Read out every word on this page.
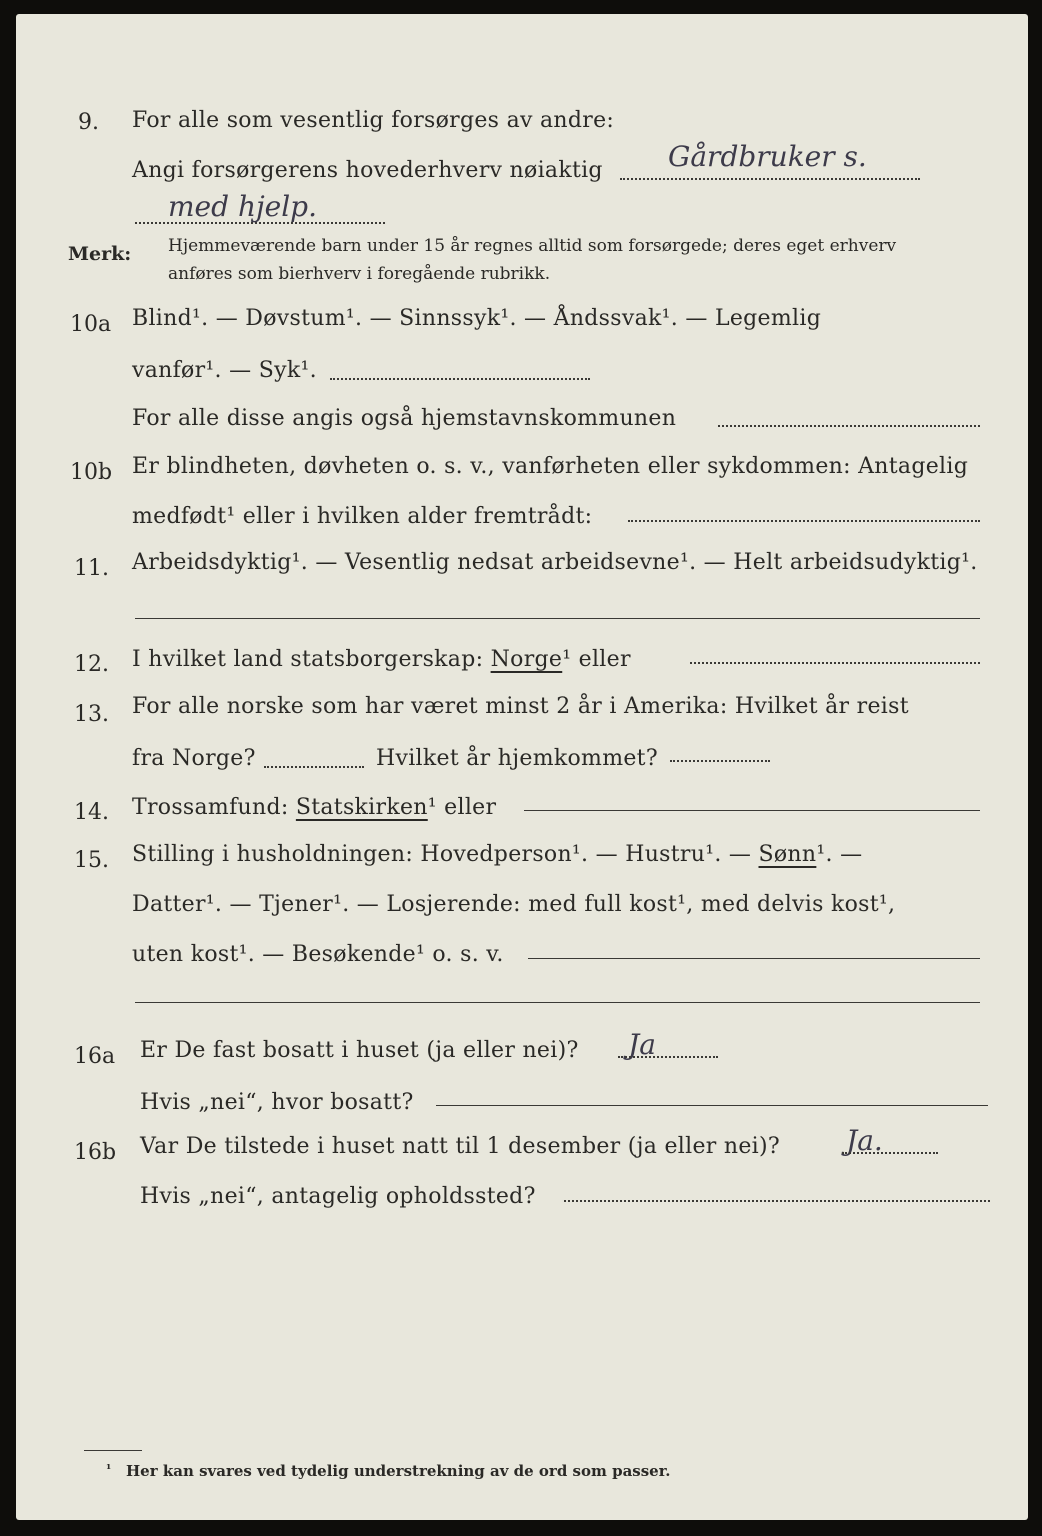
9. For alle som vesentlig forsørges av andre:
Angi forsørgerens hovederhverv nøiaktig Gårdbruker s.
med hjelp.
Merk: Hjemmeværende barn under 15 år regnes alltid som forsørgede; deres eget erhverv
anføres som bierhverv i foregående rubrikk.
10a Blind¹. — Døvstum¹. — Sinnssyk¹. — Åndssvak¹. — Legemlig
vanfør¹. — Syk¹.
For alle disse angis også hjemstavnskommunen
10b Er blindheten, døvheten o. s. v., vanførheten eller sykdommen: Antagelig
medfødt¹ eller i hvilken alder fremtrådt:
11. Arbeidsdyktig¹. — Vesentlig nedsat arbeidsevne¹. — Helt arbeidsudyktig¹.
12. I hvilket land statsborgerskap: Norge¹ eller
13. For alle norske som har været minst 2 år i Amerika: Hvilket år reist
fra Norge?	Hvilket år hjemkommet?
14. Trossamfund: Statskirken¹ eller
15. Stilling i husholdningen: Hovedperson¹. — Hustru¹. — Sønn¹. —
Datter¹. — Tjener¹. — Losjerende: med full kost¹, med delvis kost¹,
uten kost¹. — Besøkende¹ o. s. v.
16a Er De fast bosatt i huset (ja eller nei)? Ja
Hvis „nei“, hvor bosatt?
16b Var De tilstede i huset natt til 1 desember (ja eller nei)? Ja.
Hvis „nei“, antagelig opholdssted?
¹ Her kan svares ved tydelig understrekning av de ord som passer.
